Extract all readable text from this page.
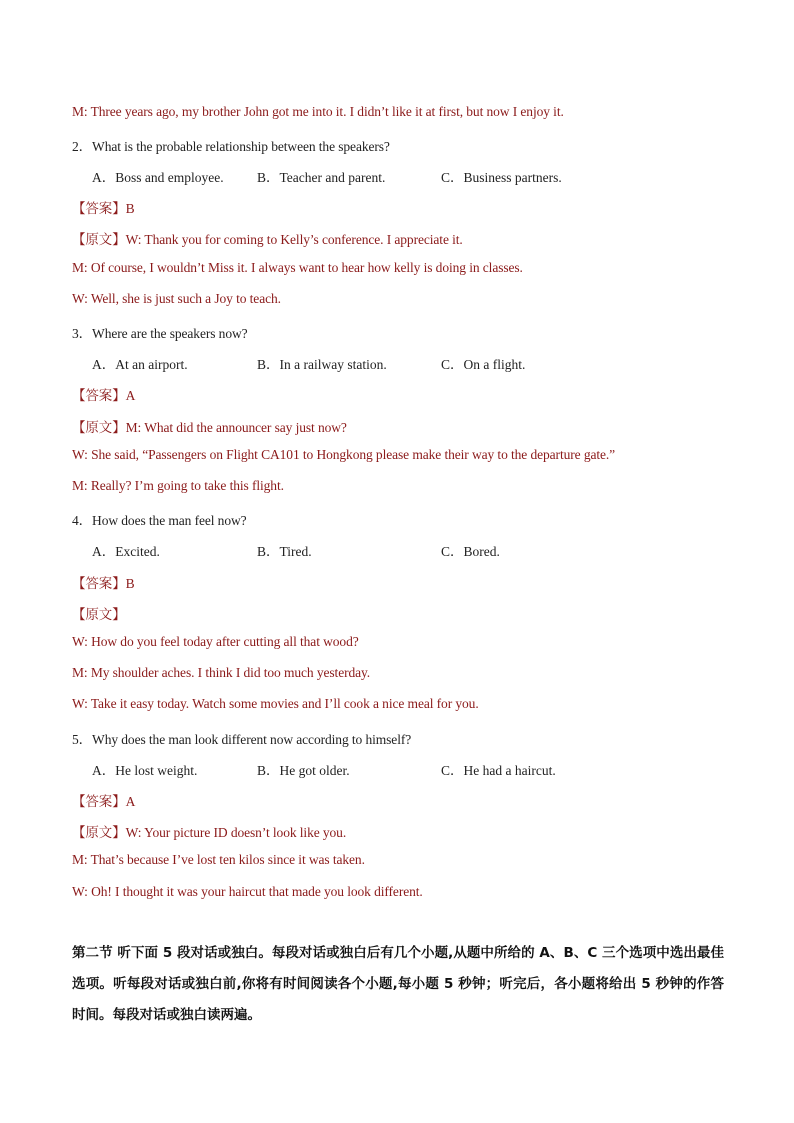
M: Three years ago, my brother John got me into it. I didn’t like it at first, but now I enjoy it.
2．What is the probable relationship between the speakers?
A．Boss and employee. B．Teacher and parent.	C．Business partners.
【答案】B
【原文】W: Thank you for coming to Kelly’s conference. I appreciate it.
M: Of course, I wouldn’t Miss it. I always want to hear how kelly is doing in classes.
W: Well, she is just such a Joy to teach.
3．Where are the speakers now?
A．At an airport.	B．In a railway station.	C．On a flight.
【答案】A
【原文】M: What did the announcer say just now?
W: She said, “Passengers on Flight CA101 to Hongkong please make their way to the departure gate.”
M: Really? I’m going to take this flight.
4．How does the man feel now?
A．Excited.	B．Tired.	C．Bored.
【答案】B
【原文】
W: How do you feel today after cutting all that wood?
M: My shoulder aches. I think I did too much yesterday.
W: Take it easy today. Watch some movies and I’ll cook a nice meal for you.
5．Why does the man look different now according to himself?
A．He lost weight.	B．He got older.	C．He had a haircut.
【答案】A
【原文】W: Your picture ID doesn’t look like you.
M: That’s because I’ve lost ten kilos since it was taken.
W: Oh! I thought it was your haircut that made you look different.
第二节 听下面 5 段对话或独白。每段对话或独白后有几个小题,从题中所给的 A、B、C 三个选项中选出最佳选项。听每段对话或独白前,你将有时间阅读各个小题,每小题 5 秒钟；听完后，各小题将给出 5 秒钟的作答时间。每段对话或独白读两遍。
